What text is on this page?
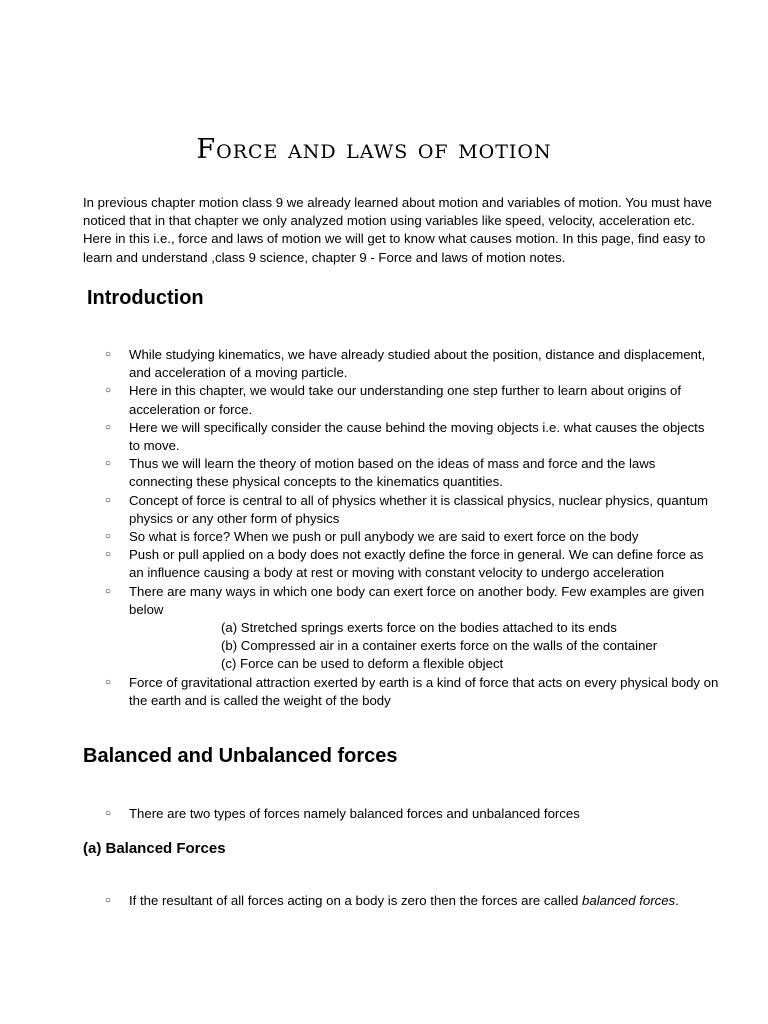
Force and laws of motion

In previous chapter motion class 9 we already learned about motion and variables of motion. You must have noticed that in that chapter we only analyzed motion using variables like speed, velocity, acceleration etc. Here in this i.e., force and laws of motion we will get to know what causes motion. In this page, find easy to learn and understand ,class 9 science, chapter 9 - Force and laws of motion notes.

Introduction
○ While studying kinematics, we have already studied about the position, distance and displacement, and acceleration of a moving particle.
○ Here in this chapter, we would take our understanding one step further to learn about origins of acceleration or force.
○ Here we will specifically consider the cause behind the moving objects i.e. what causes the objects to move.
○ Thus we will learn the theory of motion based on the ideas of mass and force and the laws connecting these physical concepts to the kinematics quantities.
○ Concept of force is central to all of physics whether it is classical physics, nuclear physics, quantum physics or any other form of physics
○ So what is force? When we push or pull anybody we are said to exert force on the body
○ Push or pull applied on a body does not exactly define the force in general. We can define force as an influence causing a body at rest or moving with constant velocity to undergo acceleration
○ There are many ways in which one body can exert force on another body. Few examples are given below
(a) Stretched springs exerts force on the bodies attached to its ends
(b) Compressed air in a container exerts force on the walls of the container
(c) Force can be used to deform a flexible object
○ Force of gravitational attraction exerted by earth is a kind of force that acts on every physical body on the earth and is called the weight of the body
Balanced and Unbalanced forces
○ There are two types of forces namely balanced forces and unbalanced forces
(a) Balanced Forces
○ If the resultant of all forces acting on a body is zero then the forces are called balanced forces.
